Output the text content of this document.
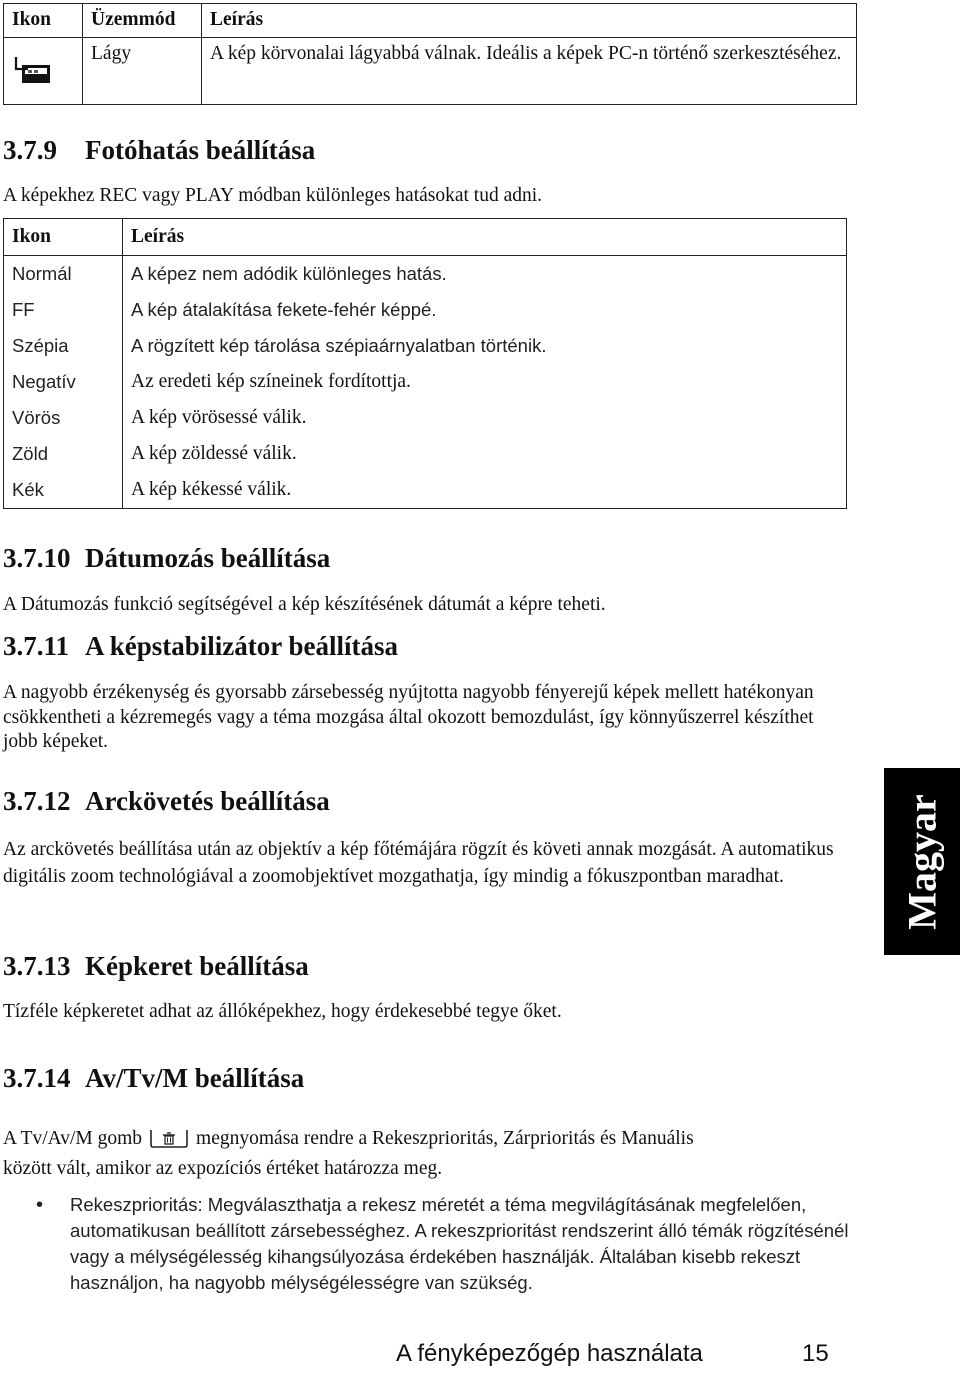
Ikon	Üzemmód	Leírás
	Lágy	A kép körvonalai lágyabbá válnak. Ideális a képek PC-n történő szerkesztéséhez.
3.7.9 Fotóhatás beállítása
A képekhez REC vagy PLAY módban különleges hatásokat tud adni.
Ikon	Leírás
Normál	A képez nem adódik különleges hatás.
FF	A kép átalakítása fekete-fehér képpé.
Szépia	A rögzített kép tárolása szépiaárnyalatban történik.
Negatív	Az eredeti kép színeinek fordítottja.
Vörös	A kép vörösessé válik.
Zöld	A kép zöldessé válik.
Kék	A kép kékessé válik.
3.7.10 Dátumozás beállítása
A Dátumozás funkció segítségével a kép készítésének dátumát a képre teheti.
3.7.11 A képstabilizátor beállítása
A nagyobb érzékenység és gyorsabb zársebesség nyújtotta nagyobb fényerejű képek mellett hatékonyan csökkentheti a kézremegés vagy a téma mozgása által okozott bemozdulást, így könnyűszerrel készíthet jobb képeket.
3.7.12 Arckövetés beállítása
Az arckövetés beállítása után az objektív a kép főtémájára rögzít és követi annak mozgását. A automatikus digitális zoom technológiával a zoomobjektívet mozgathatja, így mindig a fókuszpontban maradhat.
3.7.13 Képkeret beállítása
Tízféle képkeretet adhat az állóképekhez, hogy érdekesebbé tegye őket.
3.7.14 Av/Tv/M beállítása
A Tv/Av/M gomb	megnyomása rendre a Rekeszprioritás, Zárprioritás és Manuális
között vált, amikor az expozíciós értéket határozza meg.
• Rekeszprioritás: Megválaszthatja a rekesz méretét a téma megvilágításának megfelelően, automatikusan beállított zársebességhez. A rekeszprioritást rendszerint álló témák rögzítésénél vagy a mélységélesség kihangsúlyozása érdekében használják. Általában kisebb rekeszt használjon, ha nagyobb mélységélességre van szükség.
Magyar
A fényképezőgép használata	15
